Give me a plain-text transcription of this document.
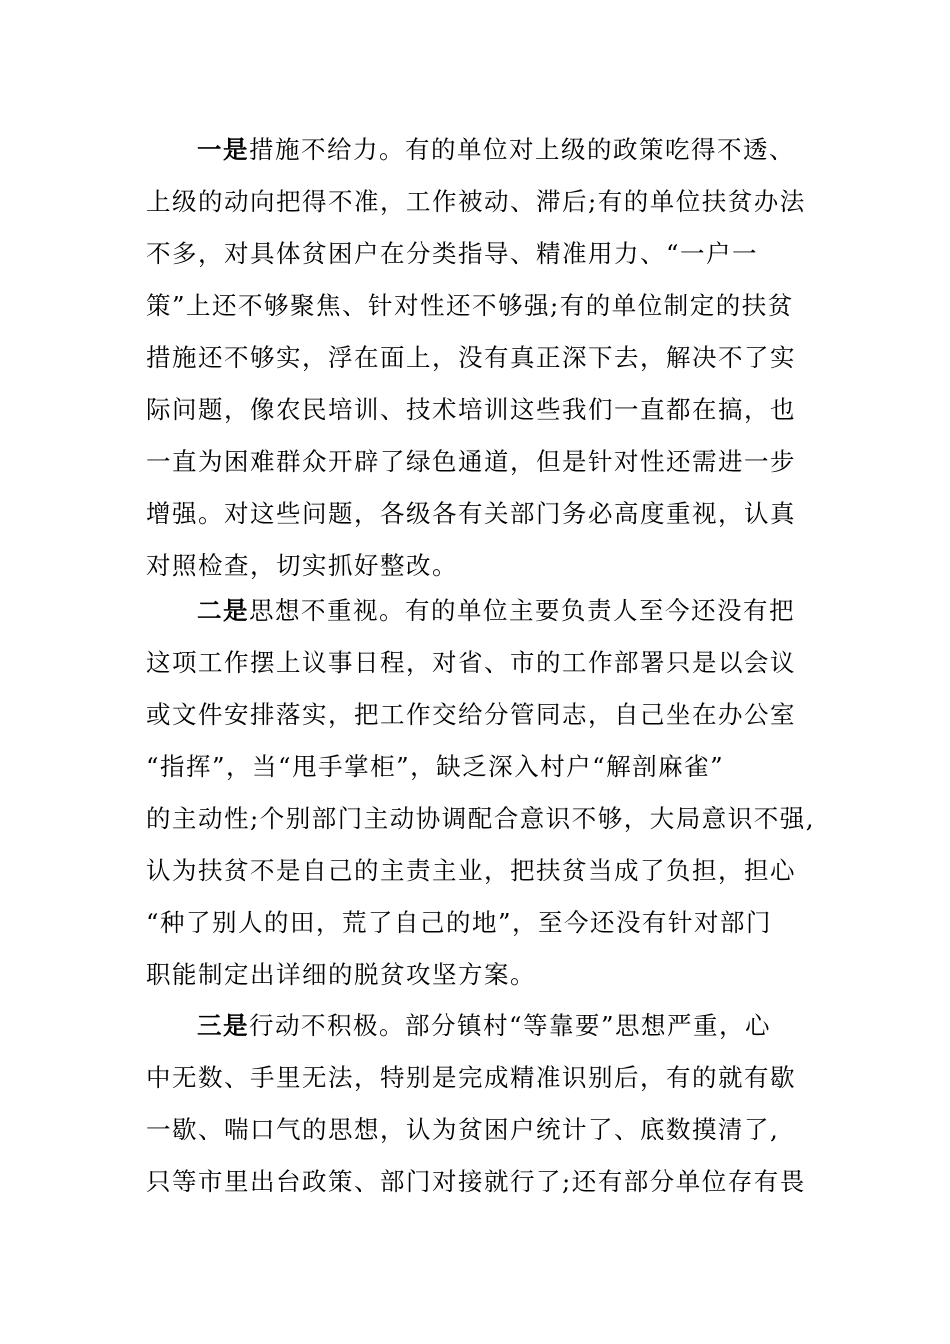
一是措施不给力。有的单位对上级的政策吃得不透、
上级的动向把得不准，工作被动、滞后;有的单位扶贫办法
不多，对具体贫困户在分类指导、精准用力、“一户一
策”上还不够聚焦、针对性还不够强;有的单位制定的扶贫
措施还不够实，浮在面上，没有真正深下去，解决不了实
际问题，像农民培训、技术培训这些我们一直都在搞，也
一直为困难群众开辟了绿色通道，但是针对性还需进一步
增强。对这些问题，各级各有关部门务必高度重视，认真
对照检查，切实抓好整改。
二是思想不重视。有的单位主要负责人至今还没有把
这项工作摆上议事日程，对省、市的工作部署只是以会议
或文件安排落实，把工作交给分管同志，自己坐在办公室
“指挥”，当“甩手掌柜”，缺乏深入村户“解剖麻雀”
的主动性;个别部门主动协调配合意识不够，大局意识不强,
认为扶贫不是自己的主责主业，把扶贫当成了负担，担心
“种了别人的田，荒了自己的地”，至今还没有针对部门
职能制定出详细的脱贫攻坚方案。
三是行动不积极。部分镇村“等靠要”思想严重，心
中无数、手里无法，特别是完成精准识别后，有的就有歇
一歇、喘口气的思想，认为贫困户统计了、底数摸清了,
只等市里出台政策、部门对接就行了;还有部分单位存有畏
